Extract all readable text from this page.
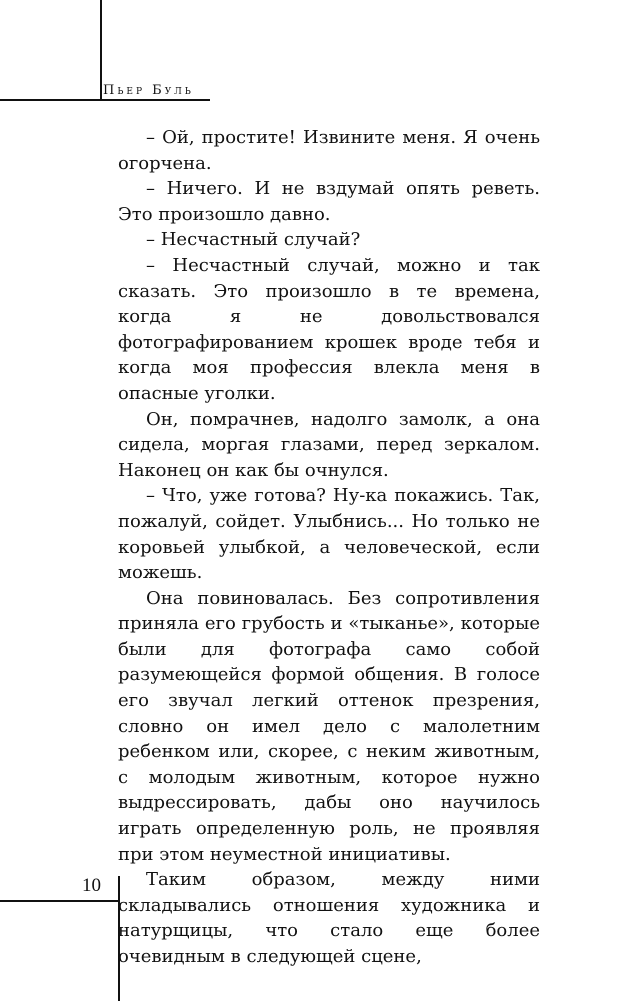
Пьер Буль

– Ой, простите! Извините меня. Я очень огорчена.

– Ничего. И не вздумай опять реветь. Это произошло давно.

– Несчастный случай?

– Несчастный случай, можно и так сказать. Это произошло в те времена, когда я не довольствовался фотографированием крошек вроде тебя и когда моя профессия влекла меня в опасные уголки.

Он, помрачнев, надолго замолк, а она сидела, моргая глазами, перед зеркалом. Наконец он как бы очнулся.

– Что, уже готова? Ну-ка покажись. Так, пожалуй, сойдет. Улыбнись... Но только не коровьей улыбкой, а человеческой, если можешь.

Она повиновалась. Без сопротивления приняла его грубость и «тыканье», которые были для фотографа само собой разумеющейся формой общения. В голосе его звучал легкий оттенок презрения, словно он имел дело с малолетним ребенком или, скорее, с неким животным, с молодым животным, которое нужно выдрессировать, дабы оно научилось играть определенную роль, не проявляя при этом неуместной инициативы.

Таким образом, между ними складывались отношения художника и натурщицы, что стало еще более очевидным в следующей сцене,

10
